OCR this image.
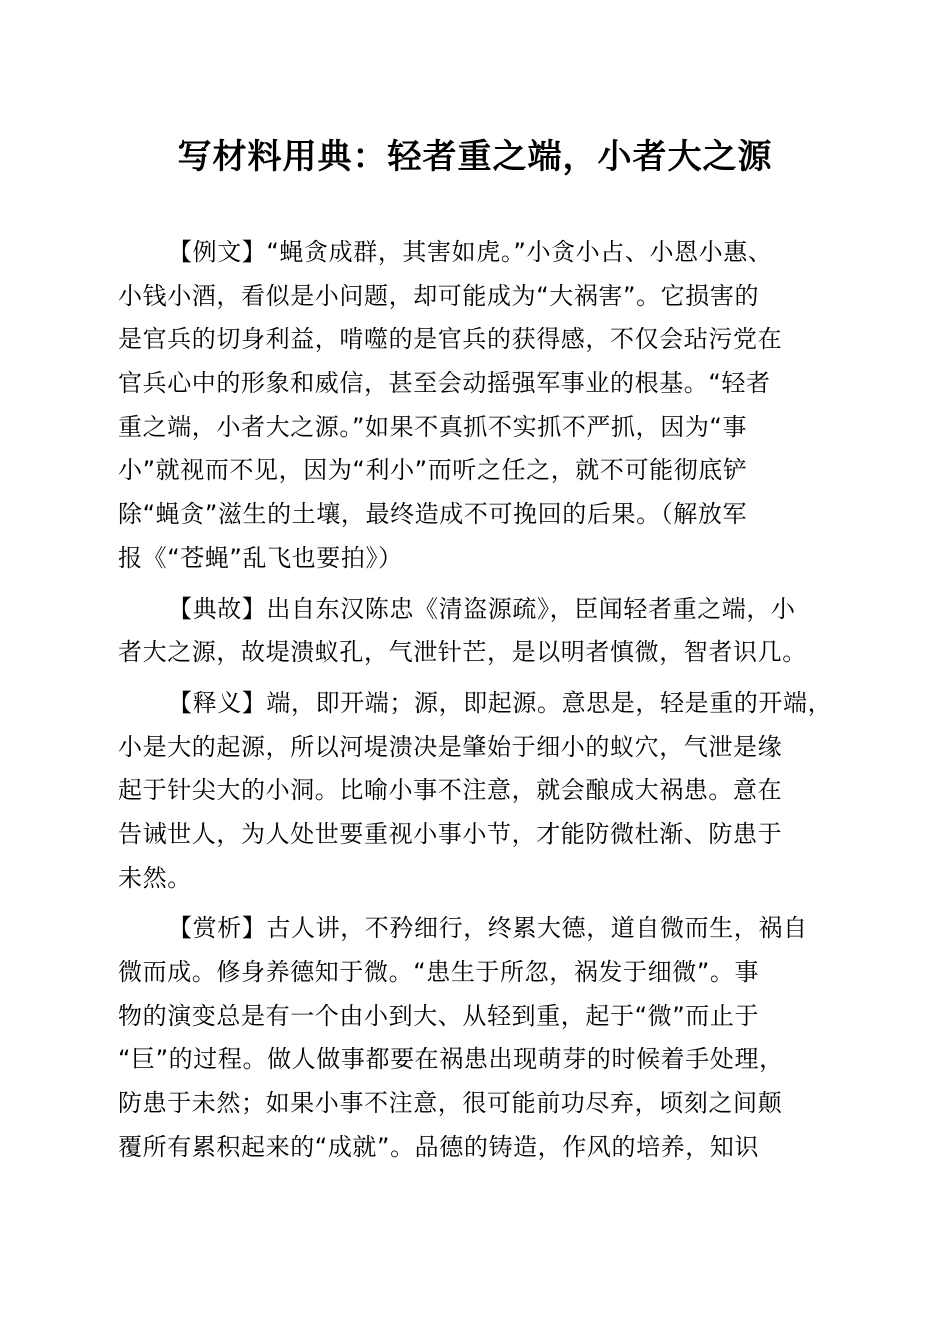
写材料用典：轻者重之端，小者大之源
【例文】“蝇贪成群，其害如虎。”小贪小占、小恩小惠、
小钱小酒，看似是小问题，却可能成为“大祸害”。它损害的
是官兵的切身利益，啃噬的是官兵的获得感，不仅会玷污党在
官兵心中的形象和威信，甚至会动摇强军事业的根基。“轻者
重之端，小者大之源。”如果不真抓不实抓不严抓，因为“事
小”就视而不见，因为“利小”而听之任之，就不可能彻底铲
除“蝇贪”滋生的土壤，最终造成不可挽回的后果。（解放军
报《“苍蝇”乱飞也要拍》）
【典故】出自东汉陈忠《清盗源疏》，臣闻轻者重之端，小
者大之源，故堤溃蚁孔，气泄针芒，是以明者慎微，智者识几。
【释义】端，即开端；源，即起源。意思是，轻是重的开端，
小是大的起源，所以河堤溃决是肇始于细小的蚁穴，气泄是缘
起于针尖大的小洞。比喻小事不注意，就会酿成大祸患。意在
告诫世人，为人处世要重视小事小节，才能防微杜渐、防患于
未然。
【赏析】古人讲，不矜细行，终累大德，道自微而生，祸自
微而成。修身养德知于微。“患生于所忽，祸发于细微”。事
物的演变总是有一个由小到大、从轻到重，起于“微”而止于
“巨”的过程。做人做事都要在祸患出现萌芽的时候着手处理，
防患于未然；如果小事不注意，很可能前功尽弃，顷刻之间颠
覆所有累积起来的“成就”。品德的铸造，作风的培养，知识
